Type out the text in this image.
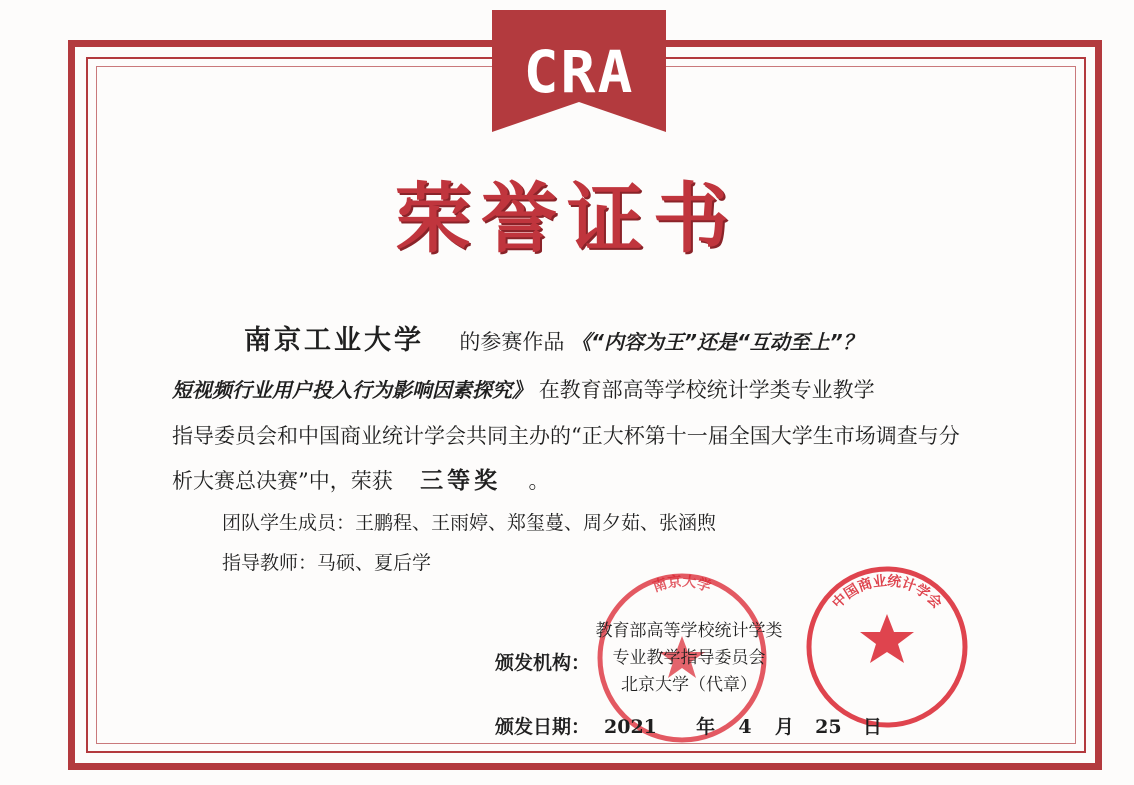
CRA
荣誉证书
南京工业大学 的参赛作品 《“内容为王”还是“互动至上”？
短视频行业用户投入行为影响因素探究》 在教育部高等学校统计学类专业教学
指导委员会和中国商业统计学会共同主办的“正大杯第十一届全国大学生市场调查与分
析大赛总决赛”中，荣获 三等奖 。
团队学生成员：王鹏程、王雨婷、郑玺蔓、周夕茹、张涵煦
指导教师：马硕、夏后学
南京大学
中国商业统计学会
颁发机构：
教育部高等学校统计学类
专业教学指导委员会
北京大学（代章）
颁发日期： 2021 年 4 月 25 日
